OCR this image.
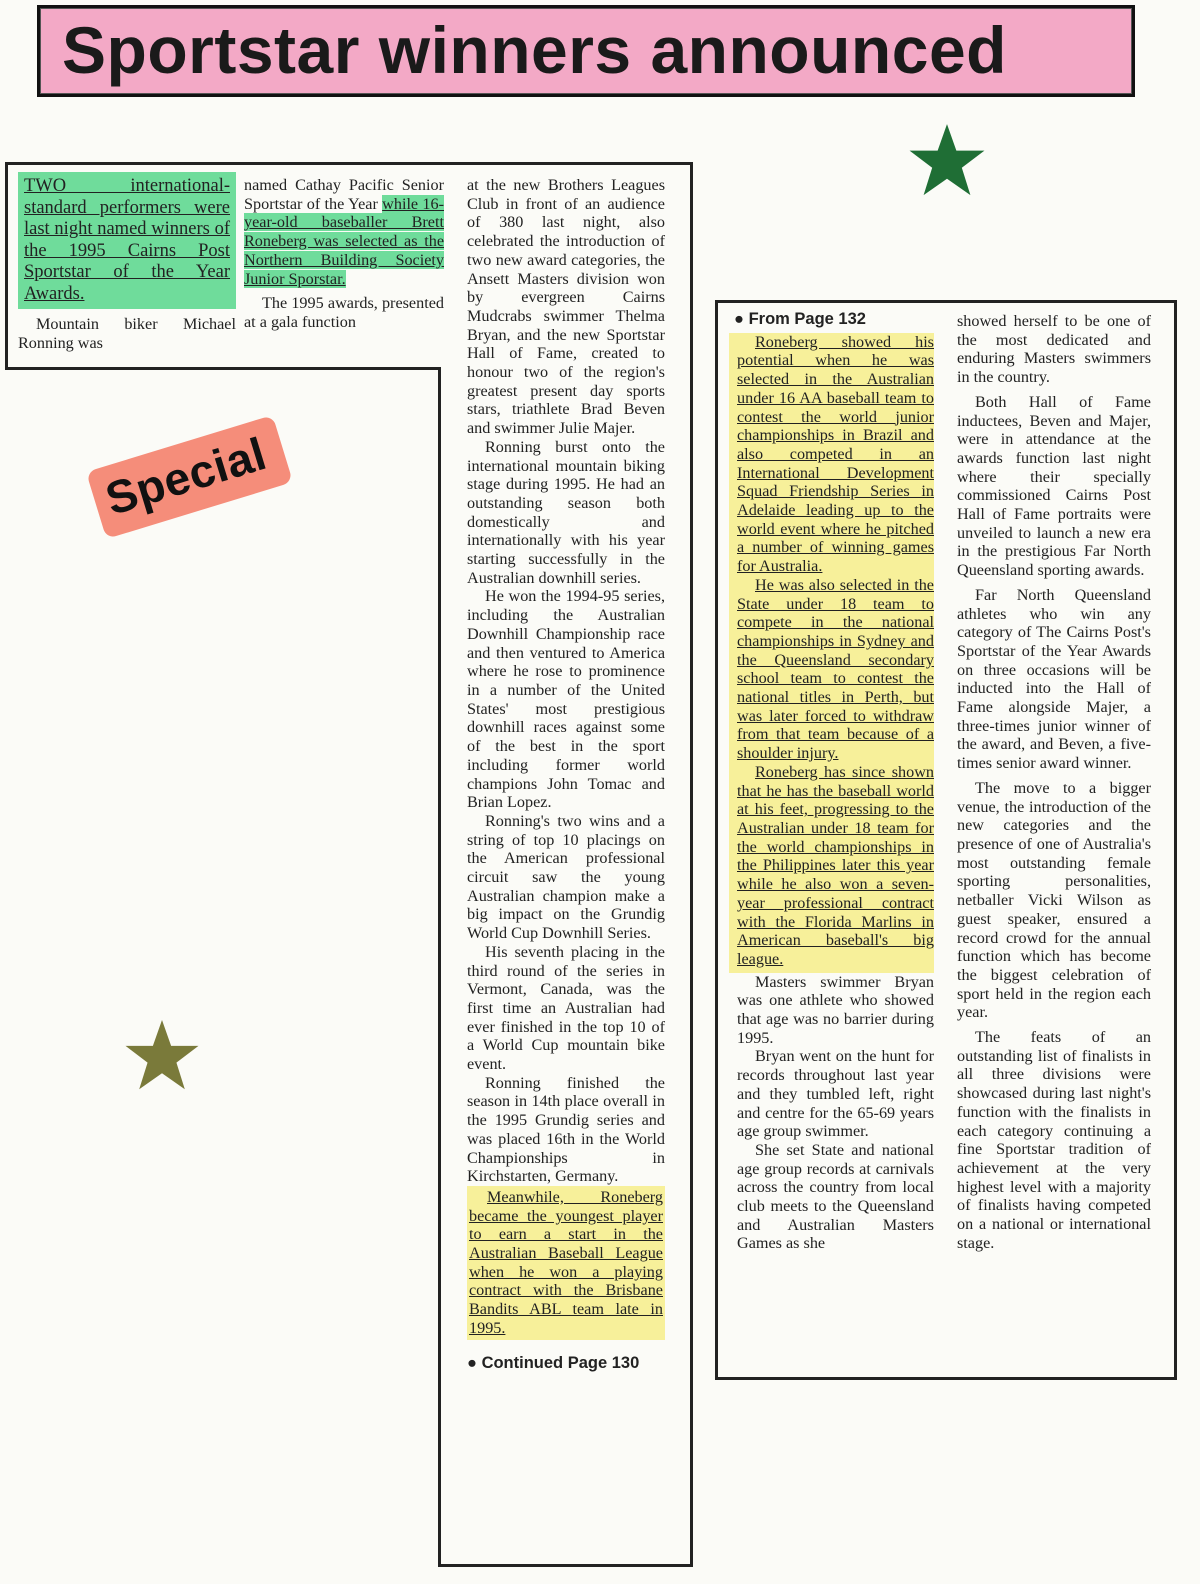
Sportstar winners announced
Special

TWO international-standard performers were last night named winners of the 1995 Cairns Post Sportstar of the Year Awards.

Mountain biker Michael Ronning was

named Cathay Pacific Senior Sportstar of the Year while 16-year-old baseballer Brett Roneberg was selected as the Northern Building Society Junior Sporstar.

The 1995 awards, presented at a gala function

at the new Brothers Leagues Club in front of an audience of 380 last night, also celebrated the introduction of two new award categories, the Ansett Masters division won by evergreen Cairns Mudcrabs swimmer Thelma Bryan, and the new Sportstar Hall of Fame, created to honour two of the region's greatest present day sports stars, triathlete Brad Beven and swimmer Julie Majer.

Ronning burst onto the international mountain biking stage during 1995. He had an outstanding season both domestically and internationally with his year starting successfully in the Australian downhill series.

He won the 1994-95 series, including the Australian Downhill Championship race and then ventured to America where he rose to prominence in a number of the United States' most prestigious downhill races against some of the best in the sport including former world champions John Tomac and Brian Lopez.

Ronning's two wins and a string of top 10 placings on the American professional circuit saw the young Australian champion make a big impact on the Grundig World Cup Downhill Series.

His seventh placing in the third round of the series in Vermont, Canada, was the first time an Australian had ever finished in the top 10 of a World Cup mountain bike event.

Ronning finished the season in 14th place overall in the 1995 Grundig series and was placed 16th in the World Championships in Kirchstarten, Germany.

Meanwhile, Roneberg became the youngest player to earn a start in the Australian Baseball League when he won a playing contract with the Brisbane Bandits ABL team late in 1995.

● Continued Page 130

● From Page 132

Roneberg showed his potential when he was selected in the Australian under 16 AA baseball team to contest the world junior championships in Brazil and also competed in an International Development Squad Friendship Series in Adelaide leading up to the world event where he pitched a number of winning games for Australia.

He was also selected in the State under 18 team to compete in the national championships in Sydney and the Queensland secondary school team to contest the national titles in Perth, but was later forced to withdraw from that team because of a shoulder injury.

Roneberg has since shown that he has the baseball world at his feet, progressing to the Australian under 18 team for the world championships in the Philippines later this year while he also won a seven-year professional contract with the Florida Marlins in American baseball's big league.

Masters swimmer Bryan was one athlete who showed that age was no barrier during 1995.

Bryan went on the hunt for records throughout last year and they tumbled left, right and centre for the 65-69 years age group swimmer.

She set State and national age group records at carnivals across the country from local club meets to the Queensland and Australian Masters Games as she

showed herself to be one of the most dedicated and enduring Masters swimmers in the country.

Both Hall of Fame inductees, Beven and Majer, were in attendance at the awards function last night where their specially commissioned Cairns Post Hall of Fame portraits were unveiled to launch a new era in the prestigious Far North Queensland sporting awards.

Far North Queensland athletes who win any category of The Cairns Post's Sportstar of the Year Awards on three occasions will be inducted into the Hall of Fame alongside Majer, a three-times junior winner of the award, and Beven, a five-times senior award winner.

The move to a bigger venue, the introduction of the new categories and the presence of one of Australia's most outstanding female sporting personalities, netballer Vicki Wilson as guest speaker, ensured a record crowd for the annual function which has become the biggest celebration of sport held in the region each year.

The feats of an outstanding list of finalists in all three divisions were showcased during last night's function with the finalists in each category continuing a fine Sportstar tradition of achievement at the very highest level with a majority of finalists having competed on a national or international stage.
